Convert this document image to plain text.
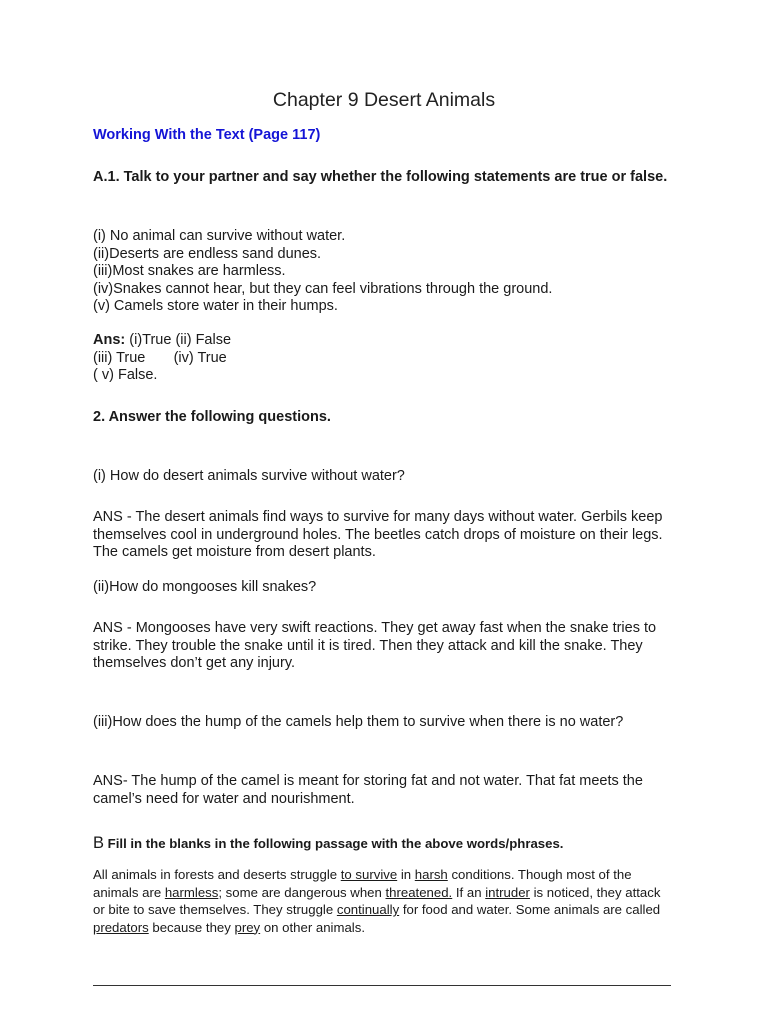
Chapter 9 Desert Animals
Working With the Text (Page 117)
A.1. Talk to your partner and say whether the following statements are true or false.
(i) No animal can survive without water.
(ii)Deserts are endless sand dunes.
(iii)Most snakes are harmless.
(iv)Snakes cannot hear, but they can feel vibrations through the ground.
(v) Camels store water in their humps.
Ans: (i)True (ii) False
(iii) True       (iv) True
( v) False.
2. Answer the following questions.
(i) How do desert animals survive without water?
ANS - The desert animals find ways to survive for many days without water. Gerbils keep themselves cool in underground holes. The beetles catch drops of moisture on their legs. The camels get moisture from desert plants.
(ii)How do mongooses kill snakes?
ANS - Mongooses have very swift reactions. They get away fast when the snake tries to strike. They trouble the snake until it is tired. Then they attack and kill the snake. They themselves don’t get any injury.
(iii)How does the hump of the camels help them to survive when there is no water?
ANS- The hump of the camel is meant for storing fat and not water. That fat meets the camel’s need for water and nourishment.
B Fill in the blanks in the following passage with the above words/phrases.
All animals in forests and deserts struggle to survive in harsh conditions. Though most of the animals are harmless; some are dangerous when threatened. If an intruder is noticed, they attack or bite to save themselves. They struggle continually for food and water. Some animals are called predators because they prey on other animals.
